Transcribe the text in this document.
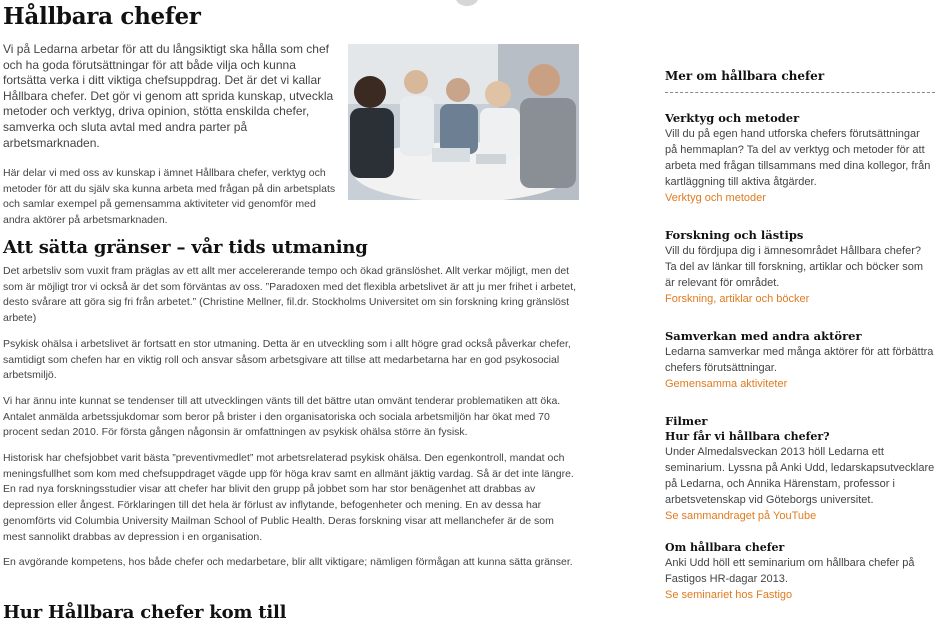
Hållbara chefer
Vi på Ledarna arbetar för att du långsiktigt ska hålla som chef och ha goda förutsättningar för att både vilja och kunna fortsätta verka i ditt viktiga chefsuppdrag. Det är det vi kallar Hållbara chefer. Det gör vi genom att sprida kunskap, utveckla metoder och verktyg, driva opinion, stötta enskilda chefer, samverka och sluta avtal med andra parter på arbetsmarknaden.
Här delar vi med oss av kunskap i ämnet Hållbara chefer, verktyg och metoder för att du själv ska kunna arbeta med frågan på din arbetsplats och samlar exempel på gemensamma aktiviteter vid genomför med andra aktörer på arbetsmarknaden.
Att sätta gränser – vår tids utmaning

Det arbetsliv som vuxit fram präglas av ett allt mer accelererande tempo och ökad gränslöshet. Allt verkar möjligt, men det som är möjligt tror vi också är det som förväntas av oss. ”Paradoxen med det flexibla arbetslivet är att ju mer frihet i arbetet, desto svårare att göra sig fri från arbetet.” (Christine Mellner, fil.dr. Stockholms Universitet om sin forskning kring gränslöst arbete)

Psykisk ohälsa i arbetslivet är fortsatt en stor utmaning. Detta är en utveckling som i allt högre grad också påverkar chefer, samtidigt som chefen har en viktig roll och ansvar såsom arbetsgivare att tillse att medarbetarna har en god psykosocial arbetsmiljö.

Vi har ännu inte kunnat se tendenser till att utvecklingen vänts till det bättre utan omvänt tenderar problematiken att öka. Antalet anmälda arbetssjukdomar som beror på brister i den organisatoriska och sociala arbetsmiljön har ökat med 70 procent sedan 2010. För första gången någonsin är omfattningen av psykisk ohälsa större än fysisk.

Historisk har chefsjobbet varit bästa ”preventivmedlet” mot arbetsrelaterad psykisk ohälsa. Den egenkontroll, mandat och meningsfullhet som kom med chefsuppdraget vägde upp för höga krav samt en allmänt jäktig vardag. Så är det inte längre. En rad nya forskningsstudier visar att chefer har blivit den grupp på jobbet som har stor benägenhet att drabbas av depression eller ångest. Förklaringen till det hela är förlust av inflytande, befogenheter och mening. En av dessa har genomförts vid Columbia University Mailman School of Public Health. Deras forskning visar att mellanchefer är de som mest sannolikt drabbas av depression i en organisation.

En avgörande kompetens, hos både chefer och medarbetare, blir allt viktigare; nämligen förmågan att kunna sätta gränser.

Hur Hållbara chefer kom till
Mer om hållbara chefer
Verktyg och metoder

Vill du på egen hand utforska chefers förutsättningar på hemmaplan? Ta del av verktyg och metoder för att arbeta med frågan tillsammans med dina kollegor, från kartläggning till aktiva åtgärder.

Verktyg och metoder
Forskning och lästips

Vill du fördjupa dig i ämnesområdet Hållbara chefer? Ta del av länkar till forskning, artiklar och böcker som är relevant för området.

Forskning, artiklar och böcker
Samverkan med andra aktörer

Ledarna samverkar med många aktörer för att förbättra chefers förutsättningar.

Gemensamma aktiviteter
Filmer
Hur får vi hållbara chefer?

Under Almedalsveckan 2013 höll Ledarna ett seminarium. Lyssna på Anki Udd, ledarskapsutvecklare på Ledarna, och Annika Härenstam, professor i arbetsvetenskap vid Göteborgs universitet.

Se sammandraget på YouTube
Om hållbara chefer

Anki Udd höll ett seminarium om hållbara chefer på Fastigos HR-dagar 2013.

Se seminariet hos Fastigo
